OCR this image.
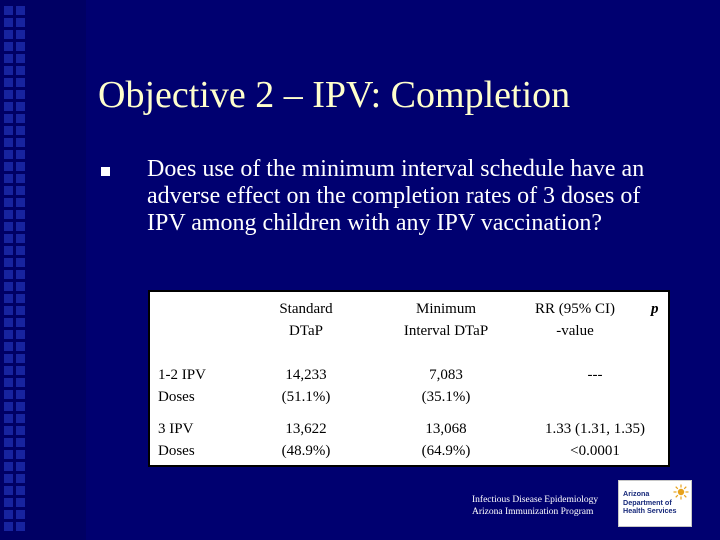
Objective 2 – IPV: Completion
Does use of the minimum interval schedule have an adverse effect on the completion rates of 3 doses of IPV among children with any IPV vaccination?
Standard
DTaP
Minimum
Interval DTaP
RR (95% CI)
-value
p
1-2 IPV
Doses
14,233
(51.1%)
7,083
(35.1%)
---
3 IPV
Doses
13,622
(48.9%)
13,068
(64.9%)
1.33 (1.31, 1.35)
<0.0001
Infectious Disease Epidemiology
Arizona Immunization Program
Arizona
Department of
Health Services
